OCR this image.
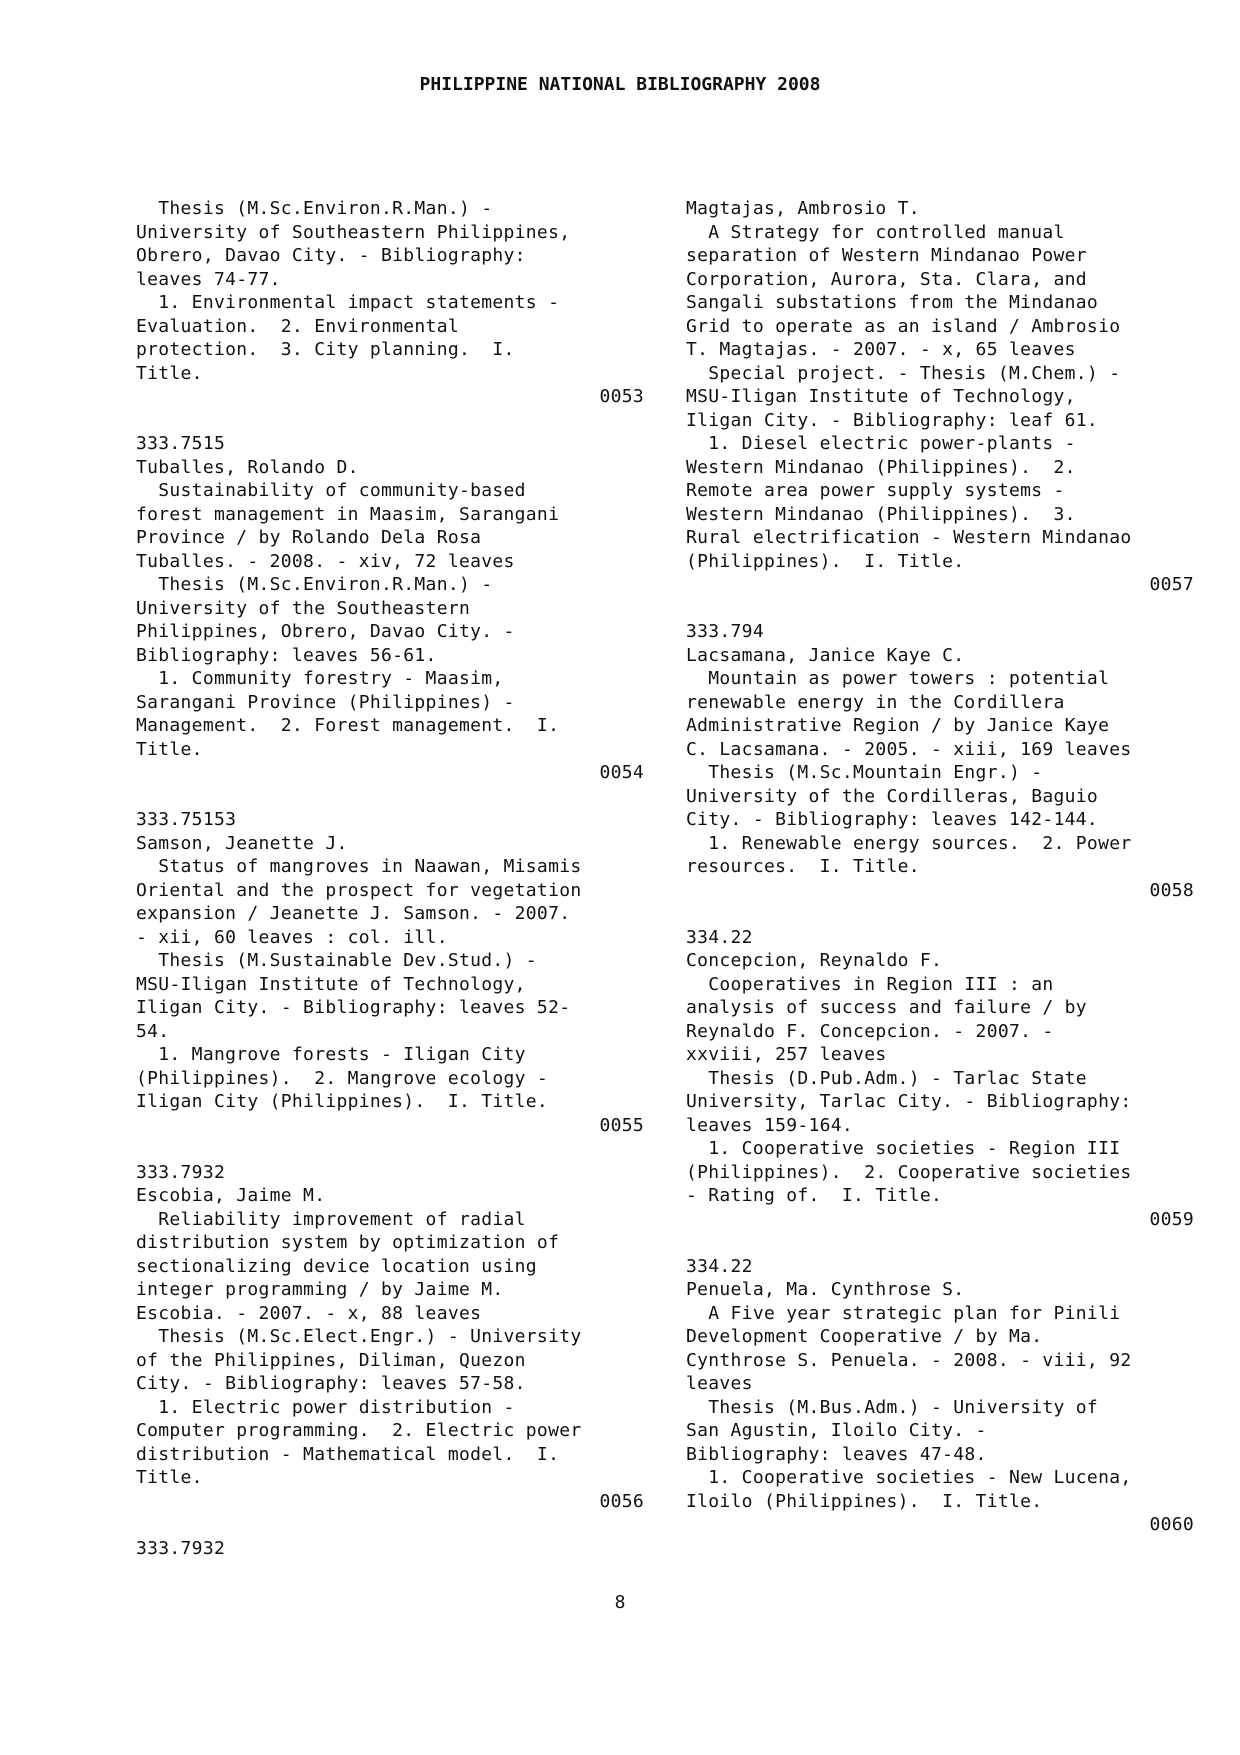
PHILIPPINE NATIONAL BIBLIOGRAPHY 2008
Thesis (M.Sc.Environ.R.Man.) -
University of Southeastern Philippines,
Obrero, Davao City. - Bibliography:
leaves 74-77.
1. Environmental impact statements -
Evaluation.  2. Environmental
protection.  3. City planning.  I.
Title.
0053
333.7515
Tuballes, Rolando D.
Sustainability of community-based
forest management in Maasim, Sarangani
Province / by Rolando Dela Rosa
Tuballes. - 2008. - xiv, 72 leaves
Thesis (M.Sc.Environ.R.Man.) -
University of the Southeastern
Philippines, Obrero, Davao City. -
Bibliography: leaves 56-61.
1. Community forestry - Maasim,
Sarangani Province (Philippines) -
Management.  2. Forest management.  I.
Title.
0054
333.75153
Samson, Jeanette J.
Status of mangroves in Naawan, Misamis
Oriental and the prospect for vegetation
expansion / Jeanette J. Samson. - 2007.
- xii, 60 leaves : col. ill.
Thesis (M.Sustainable Dev.Stud.) -
MSU-Iligan Institute of Technology,
Iligan City. - Bibliography: leaves 52-
54.
1. Mangrove forests - Iligan City
(Philippines).  2. Mangrove ecology -
Iligan City (Philippines).  I. Title.
0055
333.7932
Escobia, Jaime M.
Reliability improvement of radial
distribution system by optimization of
sectionalizing device location using
integer programming / by Jaime M.
Escobia. - 2007. - x, 88 leaves
Thesis (M.Sc.Elect.Engr.) - University
of the Philippines, Diliman, Quezon
City. - Bibliography: leaves 57-58.
1. Electric power distribution -
Computer programming.  2. Electric power
distribution - Mathematical model.  I.
Title.
0056
333.7932
Magtajas, Ambrosio T.
A Strategy for controlled manual
separation of Western Mindanao Power
Corporation, Aurora, Sta. Clara, and
Sangali substations from the Mindanao
Grid to operate as an island / Ambrosio
T. Magtajas. - 2007. - x, 65 leaves
Special project. - Thesis (M.Chem.) -
MSU-Iligan Institute of Technology,
Iligan City. - Bibliography: leaf 61.
1. Diesel electric power-plants -
Western Mindanao (Philippines).  2.
Remote area power supply systems -
Western Mindanao (Philippines).  3.
Rural electrification - Western Mindanao
(Philippines).  I. Title.
0057
333.794
Lacsamana, Janice Kaye C.
Mountain as power towers : potential
renewable energy in the Cordillera
Administrative Region / by Janice Kaye
C. Lacsamana. - 2005. - xiii, 169 leaves
Thesis (M.Sc.Mountain Engr.) -
University of the Cordilleras, Baguio
City. - Bibliography: leaves 142-144.
1. Renewable energy sources.  2. Power
resources.  I. Title.
0058
334.22
Concepcion, Reynaldo F.
Cooperatives in Region III : an
analysis of success and failure / by
Reynaldo F. Concepcion. - 2007. -
xxviii, 257 leaves
Thesis (D.Pub.Adm.) - Tarlac State
University, Tarlac City. - Bibliography:
leaves 159-164.
1. Cooperative societies - Region III
(Philippines).  2. Cooperative societies
- Rating of.  I. Title.
0059
334.22
Penuela, Ma. Cynthrose S.
A Five year strategic plan for Pinili
Development Cooperative / by Ma.
Cynthrose S. Penuela. - 2008. - viii, 92
leaves
Thesis (M.Bus.Adm.) - University of
San Agustin, Iloilo City. -
Bibliography: leaves 47-48.
1. Cooperative societies - New Lucena,
Iloilo (Philippines).  I. Title.
0060
8
